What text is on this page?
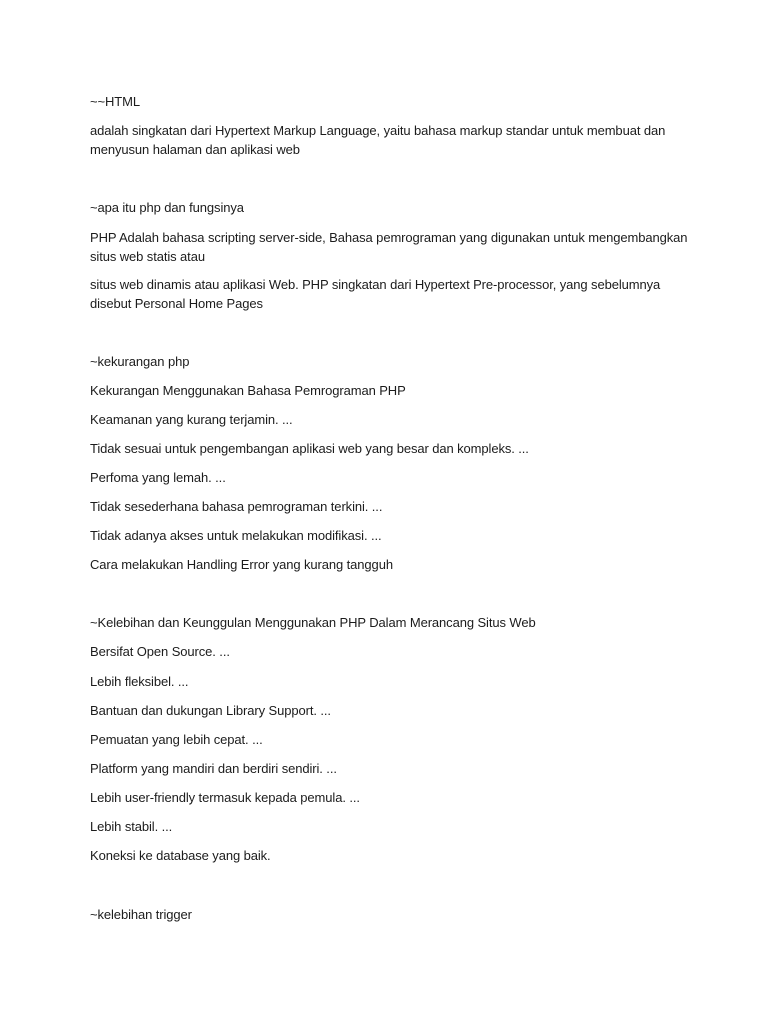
~~HTML
adalah singkatan dari Hypertext Markup Language, yaitu bahasa markup standar untuk membuat dan menyusun halaman dan aplikasi web
~apa itu php dan fungsinya
PHP Adalah bahasa scripting server-side, Bahasa pemrograman yang digunakan untuk mengembangkan situs web statis atau
situs web dinamis atau aplikasi Web. PHP singkatan dari Hypertext Pre-processor, yang sebelumnya disebut Personal Home Pages
~kekurangan php
Kekurangan Menggunakan Bahasa Pemrograman PHP
Keamanan yang kurang terjamin. ...
Tidak sesuai untuk pengembangan aplikasi web yang besar dan kompleks. ...
Perfoma yang lemah. ...
Tidak sesederhana bahasa pemrograman terkini. ...
Tidak adanya akses untuk melakukan modifikasi. ...
Cara melakukan Handling Error yang kurang tangguh
~Kelebihan dan Keunggulan Menggunakan PHP Dalam Merancang Situs Web
Bersifat Open Source. ...
Lebih fleksibel. ...
Bantuan dan dukungan Library Support. ...
Pemuatan yang lebih cepat. ...
Platform yang mandiri dan berdiri sendiri. ...
Lebih user-friendly termasuk kepada pemula. ...
Lebih stabil. ...
Koneksi ke database yang baik.
~kelebihan trigger
